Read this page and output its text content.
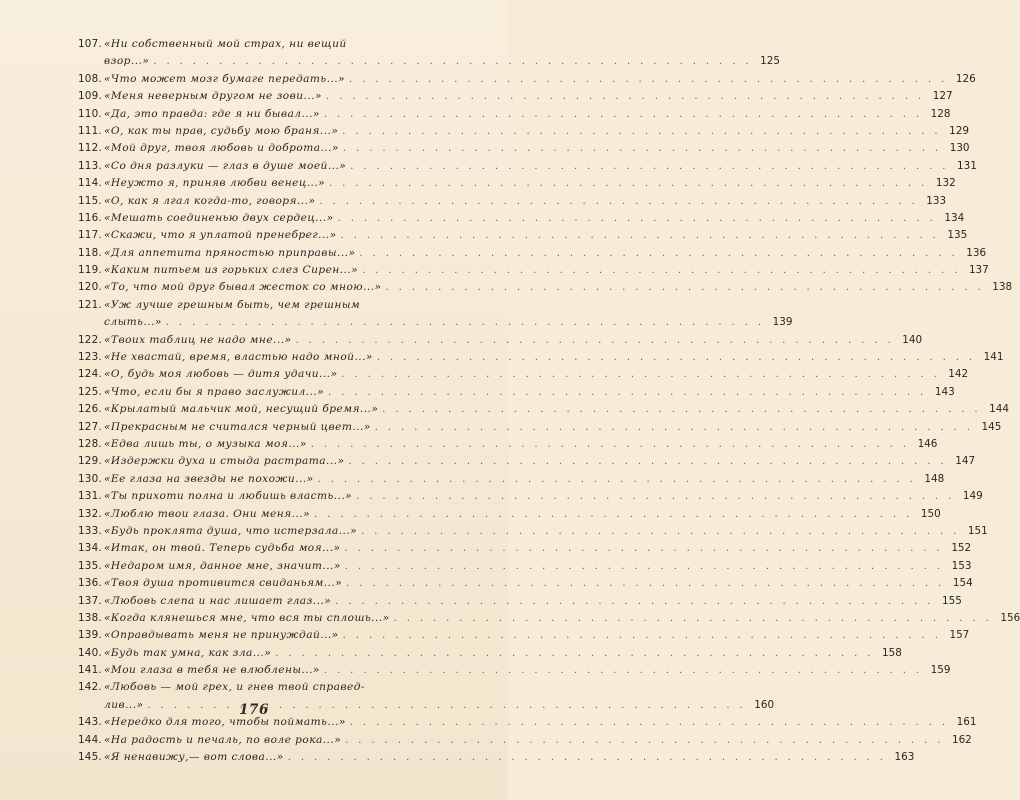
107. «Ни собственный мой страх, ни вещий
взор...» . . .	125
108. «Что может мозг бумаге передать...» . . .	126
109. «Меня неверным другом не зови...» . . .	127
110. «Да, это правда: где я ни бывал...» . . .	128
111. «О, как ты прав, судьбу мою браня...» . . .	129
112. «Мой друг, твоя любовь и доброта...» . . .	130
113. «Со дня разлуки — глаз в душе моей...» . . .	131
114. «Неужто я, приняв любви венец...» . . .	132
115. «О, как я лгал когда-то, говоря...» . . .	133
116. «Мешать соединенью двух сердец...» . . .	134
117. «Скажи, что я уплатой пренебрег...» . . .	135
118. «Для аппетита пряностью приправы...» . . .	136
119. «Каким питьем из горьких слез Сирен...» . . .	137
120. «То, что мой друг бывал жесток со мною...» . . .	138
121. «Уж лучше грешным быть, чем грешным
слыть...» . . .	139
122. «Твоих таблиц не надо мне...» . . .	140
123. «Не хвастай, время, властью надо мной...» . . .	141
124. «О, будь моя любовь — дитя удачи...» . . .	142
125. «Что, если бы я право заслужил...» . . .	143
126. «Крылатый мальчик мой, несущий бремя...» . . .	144
127. «Прекрасным не считался черный цвет...» . . .	145
128. «Едва лишь ты, о музыка моя...» . . .	146
129. «Издержки духа и стыда растрата...» . . .	147
130. «Ее глаза на звезды не похожи...» . . .	148
131. «Ты прихоти полна и любишь власть...» . . .	149
132. «Люблю твои глаза. Они меня...» . . .	150
133. «Будь проклята душа, что истерзала...» . . .	151
134. «Итак, он твой. Теперь судьба моя...» . . .	152
135. «Недаром имя, данное мне, значит...» . . .	153
136. «Твоя душа противится свиданьям...» . . .	154
137. «Любовь слепа и нас лишает глаз...» . . .	155
138. «Когда клянешься мне, что вся ты сплошь...» . . .	156
139. «Оправдывать меня не принуждай...» . . .	157
140. «Будь так умна, как зла...» . . .	158
141. «Мои глаза в тебя не влюблены...» . . .	159
142. «Любовь — мой грех, и гнев твой справед-
лив...» . . .	160
143. «Нередко для того, чтобы поймать...» . . .	161
144. «На радость и печаль, по воле рока...» . . .	162
145. «Я ненавижу,— вот слова...» . . .	163
176
